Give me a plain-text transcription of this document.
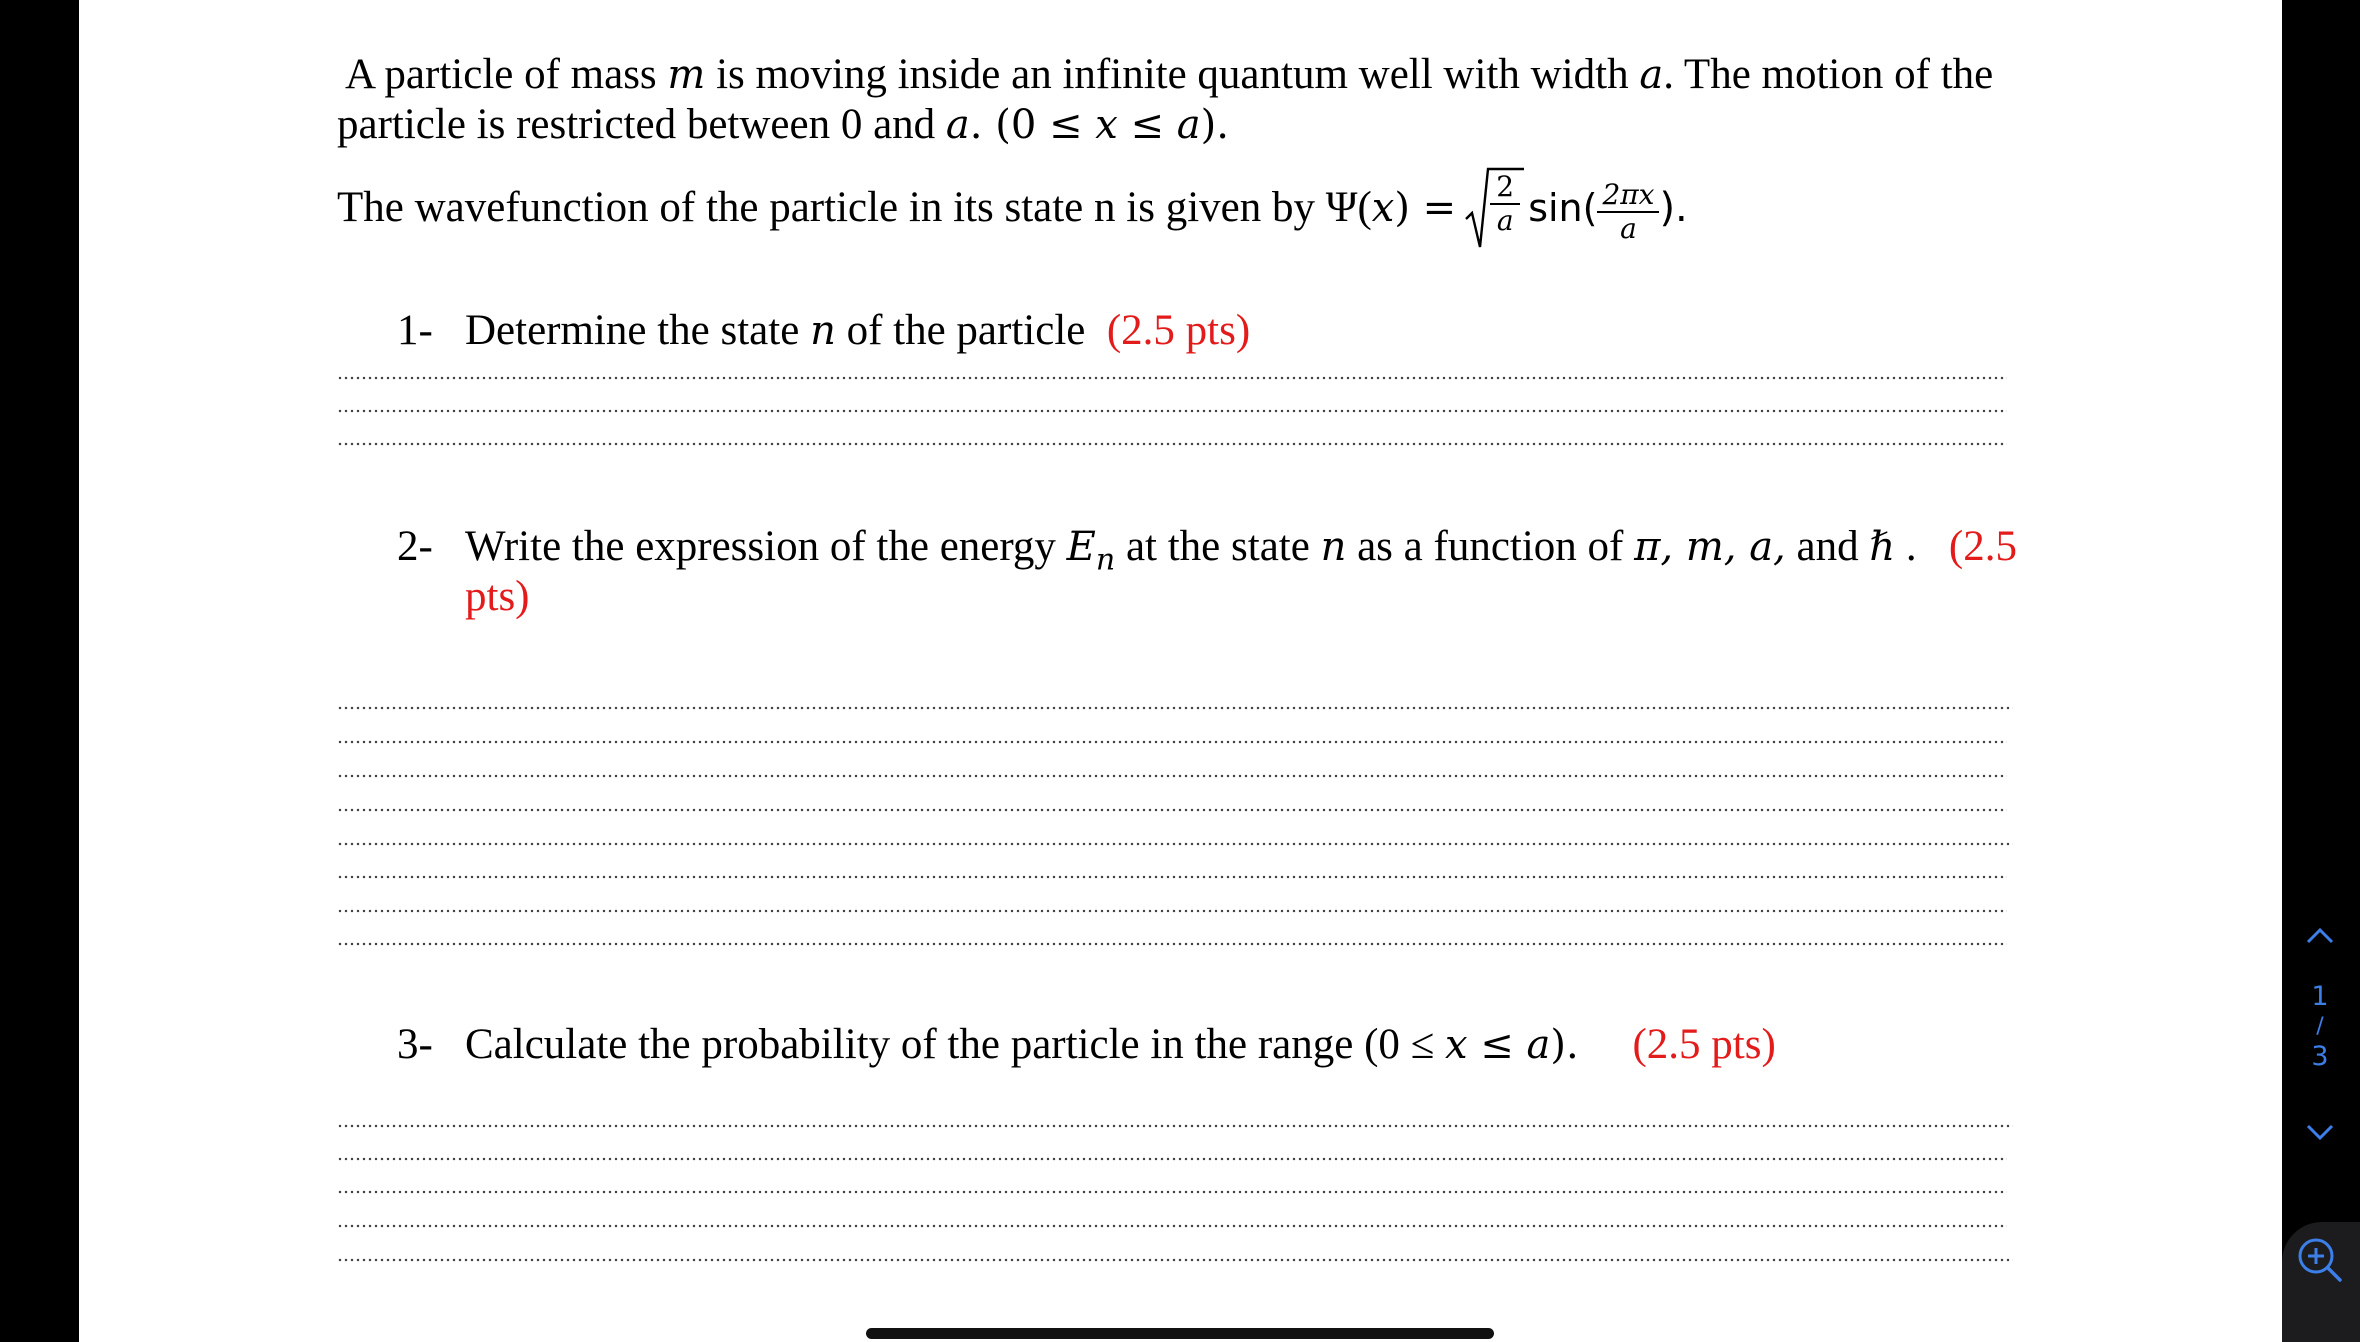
A particle of mass m is moving inside an infinite quantum well with width a. The motion of the
particle is restricted between 0 and a. (0 ≤ x ≤ a).
The wavefunction of the particle in its state n is given by Ψ( x ) = 2
a $\sin( \frac{2\pi x}{a}$ ).
1- Determine the state n of the particle (2.5 pts)
2- Write the expression of the energy $E_n$ at the state n as a function of π, m, a, and ℏ . (2.5
pts)
3- Calculate the probability of the particle in the range (0 ≤ x ≤ a). (2.5 pts)
1
/
3
